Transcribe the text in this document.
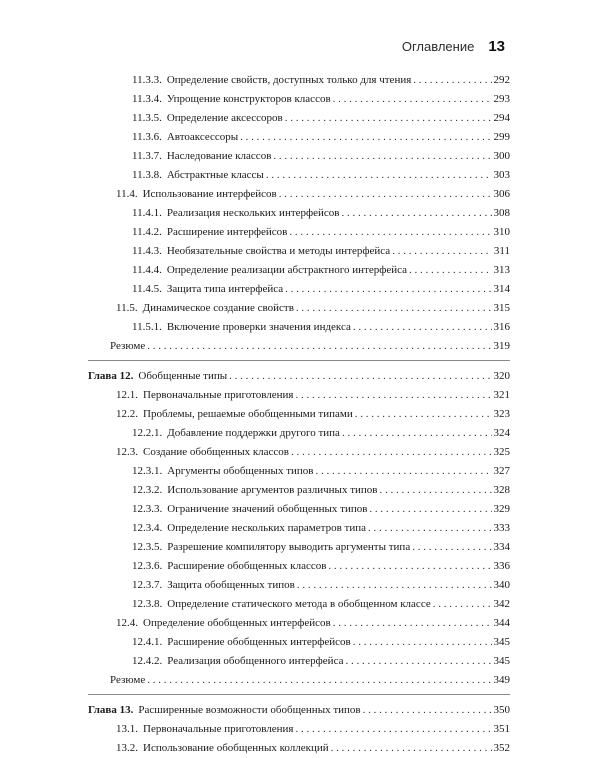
Оглавление 13
11.3.3. Определение свойств, доступных только для чтения . . .	292
11.3.4. Упрощение конструкторов классов . . .	293
11.3.5. Определение аксессоров . . .	294
11.3.6. Автоаксессоры . . .	299
11.3.7. Наследование классов . . .	300
11.3.8. Абстрактные классы . . .	303
11.4. Использование интерфейсов . . .	306
11.4.1. Реализация нескольких интерфейсов . . .	308
11.4.2. Расширение интерфейсов . . .	310
11.4.3. Необязательные свойства и методы интерфейса . . .	311
11.4.4. Определение реализации абстрактного интерфейса . . .	313
11.4.5. Защита типа интерфейса . . .	314
11.5. Динамическое создание свойств . . .	315
11.5.1. Включение проверки значения индекса . . .	316
Резюме . . .	319
Глава 12. Обобщенные типы . . .	320
12.1. Первоначальные приготовления . . .	321
12.2. Проблемы, решаемые обобщенными типами . . .	323
12.2.1. Добавление поддержки другого типа . . .	324
12.3. Создание обобщенных классов . . .	325
12.3.1. Аргументы обобщенных типов . . .	327
12.3.2. Использование аргументов различных типов . . .	328
12.3.3. Ограничение значений обобщенных типов . . .	329
12.3.4. Определение нескольких параметров типа . . .	333
12.3.5. Разрешение компилятору выводить аргументы типа . . .	334
12.3.6. Расширение обобщенных классов . . .	336
12.3.7. Защита обобщенных типов . . .	340
12.3.8. Определение статического метода в обобщенном классе . . .	342
12.4. Определение обобщенных интерфейсов . . .	344
12.4.1. Расширение обобщенных интерфейсов . . .	345
12.4.2. Реализация обобщенного интерфейса . . .	345
Резюме . . .	349
Глава 13. Расширенные возможности обобщенных типов . . .	350
13.1. Первоначальные приготовления . . .	351
13.2. Использование обобщенных коллекций . . .	352
